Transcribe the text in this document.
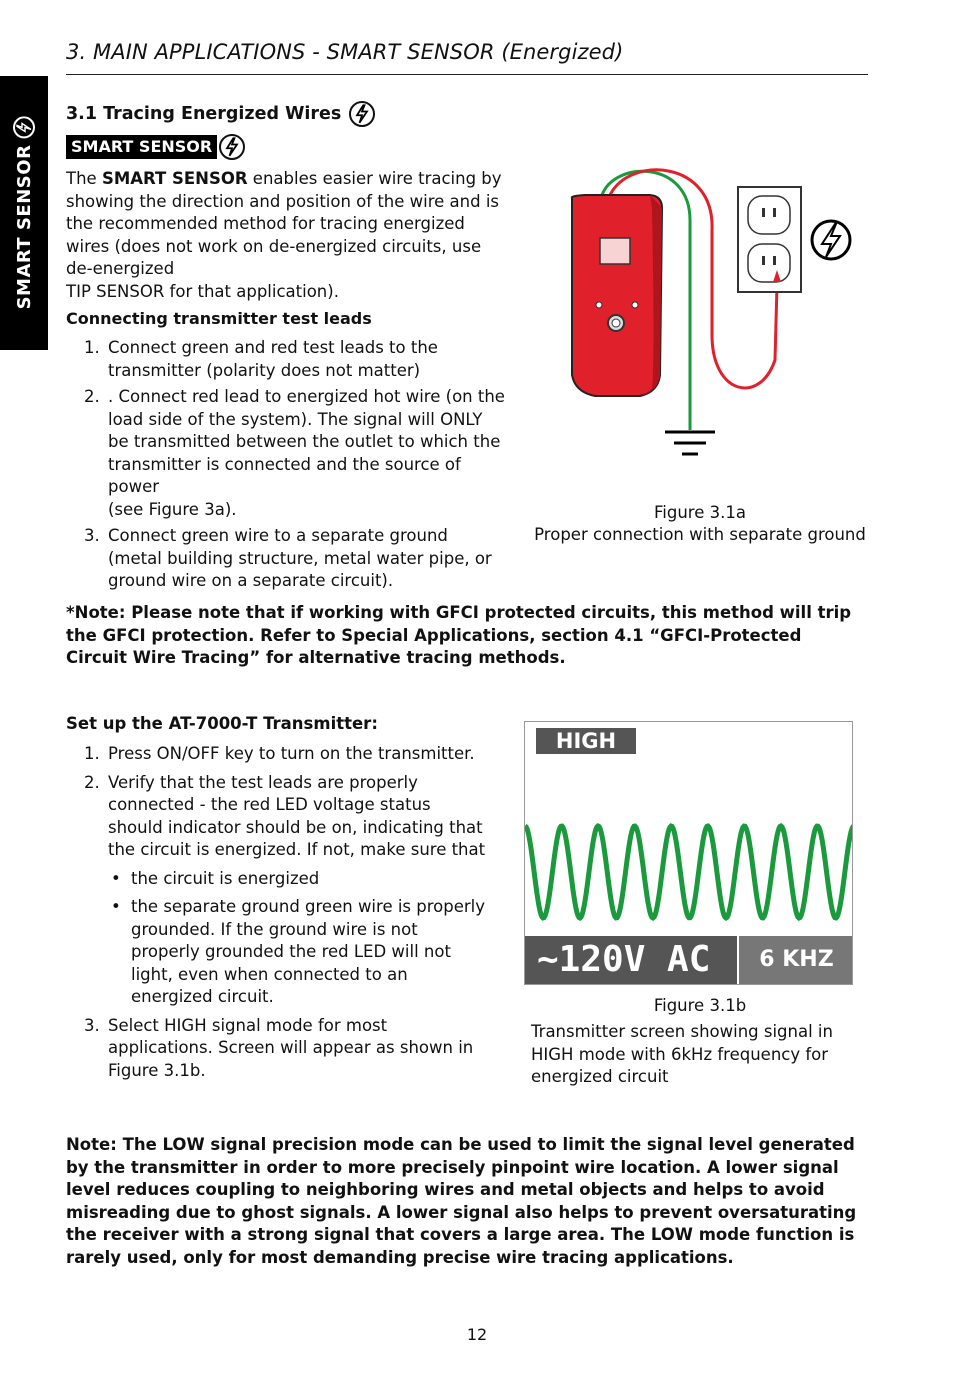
3. MAIN APPLICATIONS - SMART SENSOR (Energized)
SMART SENSOR
3.1 Tracing Energized Wires
SMART SENSOR
The SMART SENSOR enables easier wire tracing by showing the direction and position of the wire and is the recommended method for tracing energized wires (does not work on de-energized circuits, use de-energized
TIP SENSOR for that application).
Connecting transmitter test leads
1. Connect green and red test leads to the transmitter (polarity does not matter)
2. . Connect red lead to energized hot wire (on the load side of the system). The signal will ONLY be transmitted between the outlet to which the transmitter is connected and the source of power
(see Figure 3a).
3. Connect green wire to a separate ground (metal building structure, metal water pipe, or ground wire on a separate circuit).
Figure 3.1a
Proper connection with separate ground
*Note: Please note that if working with GFCI protected circuits, this method will trip the GFCI protection. Refer to Special Applications, section 4.1 “GFCI-Protected Circuit Wire Tracing” for alternative tracing methods.
Set up the AT-7000-T Transmitter:
1. Press ON/OFF key to turn on the transmitter.
2. Verify that the test leads are properly connected - the red LED voltage status should indicator should be on, indicating that the circuit is energized. If not, make sure that
• the circuit is energized
• the separate ground green wire is properly grounded. If the ground wire is not properly grounded the red LED will not light, even when connected to an energized circuit.
3. Select HIGH signal mode for most applications. Screen will appear as shown in Figure 3.1b.
HIGH
~120V AC	6 KHZ
Figure 3.1b
Transmitter screen showing signal in HIGH mode with 6kHz frequency for energized circuit
Note: The LOW signal precision mode can be used to limit the signal level generated by the transmitter in order to more precisely pinpoint wire location. A lower signal level reduces coupling to neighboring wires and metal objects and helps to avoid misreading due to ghost signals. A lower signal also helps to prevent oversaturating the receiver with a strong signal that covers a large area. The LOW mode function is rarely used, only for most demanding precise wire tracing applications.
12
